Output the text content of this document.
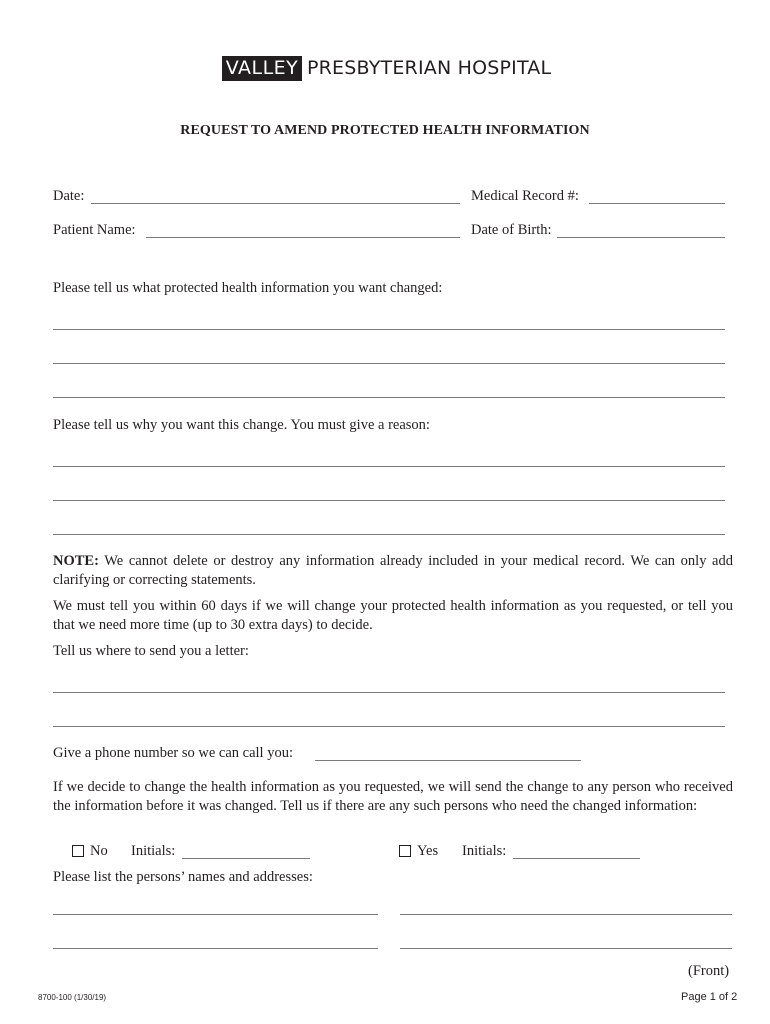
VALLEY PRESBYTERIAN HOSPITAL
REQUEST TO AMEND PROTECTED HEALTH INFORMATION
Date:	Medical Record #:
Patient Name:	Date of Birth:
Please tell us what protected health information you want changed:
Please tell us why you want this change. You must give a reason:
NOTE: We cannot delete or destroy any information already included in your medical record. We can only add clarifying or correcting statements.
We must tell you within 60 days if we will change your protected health information as you requested, or tell you that we need more time (up to 30 extra days) to decide.
Tell us where to send you a letter:
Give a phone number so we can call you:
If we decide to change the health information as you requested, we will send the change to any person who received the information before it was changed. Tell us if there are any such persons who need the changed information:
No Initials:	Yes Initials:
Please list the persons’ names and addresses:
(Front)
8700-100 (1/30/19)	Page 1 of 2
